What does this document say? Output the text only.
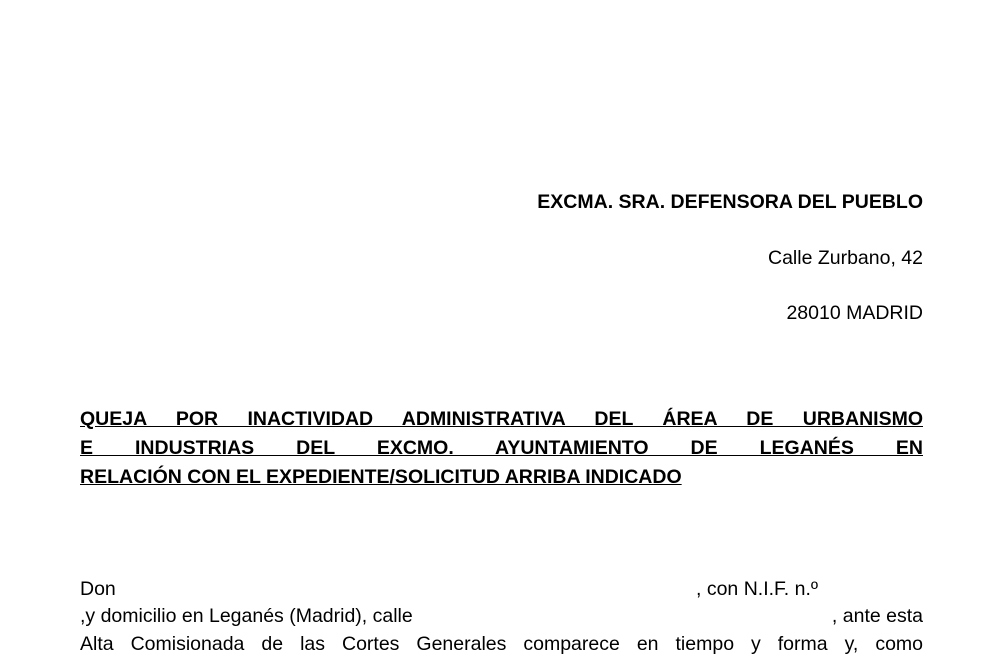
EXCMA. SRA. DEFENSORA DEL PUEBLO
Calle Zurbano, 42
28010 MADRID
QUEJA POR INACTIVIDAD ADMINISTRATIVA DEL ÁREA DE URBANISMO
E INDUSTRIAS DEL EXCMO. AYUNTAMIENTO DE LEGANÉS EN
RELACIÓN CON EL EXPEDIENTE/SOLICITUD ARRIBA INDICADO
Don	, con N.I.F. n.º
,y domicilio en Leganés (Madrid), calle	, ante esta
Alta Comisionada de las Cortes Generales comparece en tiempo y forma y, como
